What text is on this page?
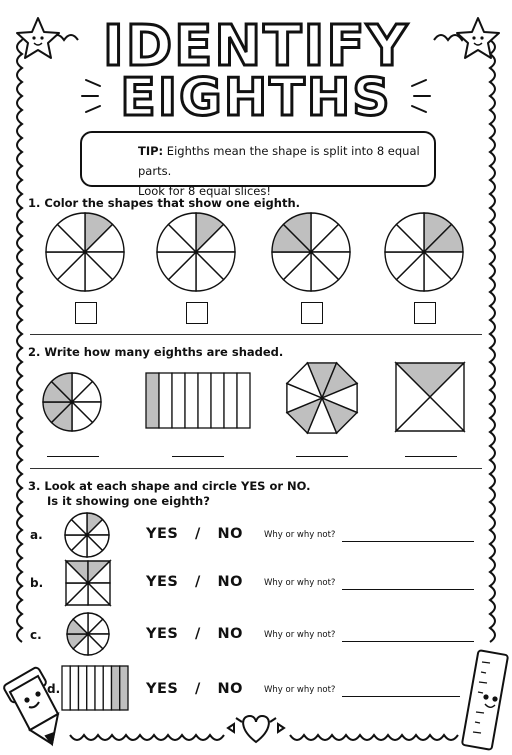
IDENTIFY
EIGHTHS
TIP: Eighths mean the shape is split into 8 equal parts.
Look for 8 equal slices!
1. Color the shapes that show one eighth.
2. Write how many eighths are shaded.
3. Look at each shape and circle YES or NO.
Is it showing one eighth?
a.	YES / NO Why or why not?
b.	YES / NO Why or why not?
c.	YES / NO Why or why not?
d.	YES / NO Why or why not?
